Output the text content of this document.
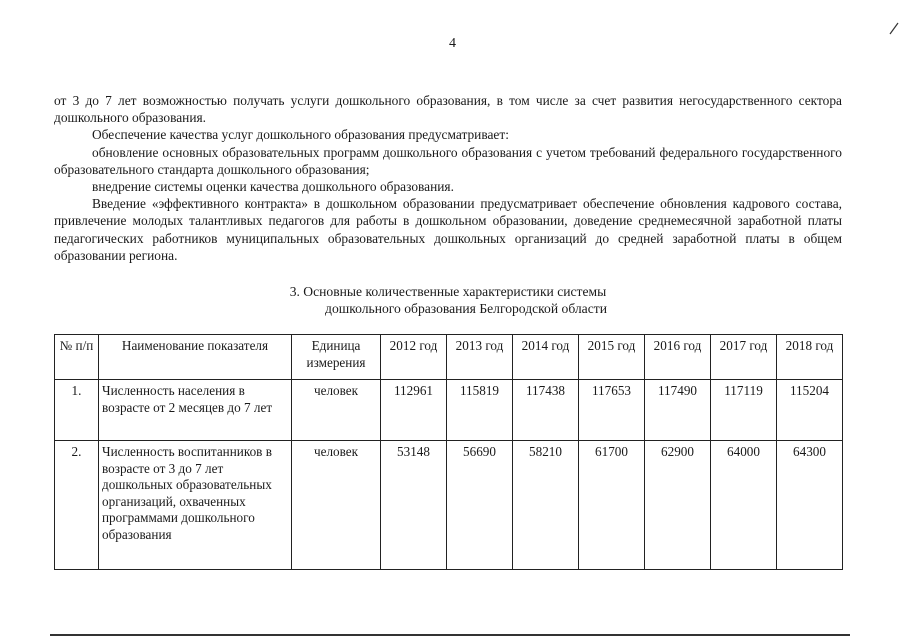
4

от 3 до 7 лет возможностью получать услуги дошкольного образования, в том числе за счет развития негосударственного сектора дошкольного образования.

Обеспечение качества услуг дошкольного образования предусматривает:

обновление основных образовательных программ дошкольного образования с учетом требований федерального государственного образовательного стандарта дошкольного образования;

внедрение системы оценки качества дошкольного образования.

Введение «эффективного контракта» в дошкольном образовании предусматривает обеспечение обновления кадрового состава, привлечение молодых талантливых педагогов для работы в дошкольном образовании, доведение среднемесячной заработной платы педагогических работников муниципальных образовательных дошкольных организаций до средней заработной платы в общем образовании региона.

3. Основные количественные характеристики системы
дошкольного образования Белгородской области
№ п/п	Наименование показателя	Единица измерения	2012 год	2013 год	2014 год	2015 год	2016 год	2017 год	2018 год
1.	Численность населения в возрасте от 2 месяцев до 7 лет	человек	112961	115819	117438	117653	117490	117119	115204
2.	Численность воспитанников в возрасте от 3 до 7 лет дошкольных образовательных организаций, охваченных программами дошкольного образования	человек	53148	56690	58210	61700	62900	64000	64300
